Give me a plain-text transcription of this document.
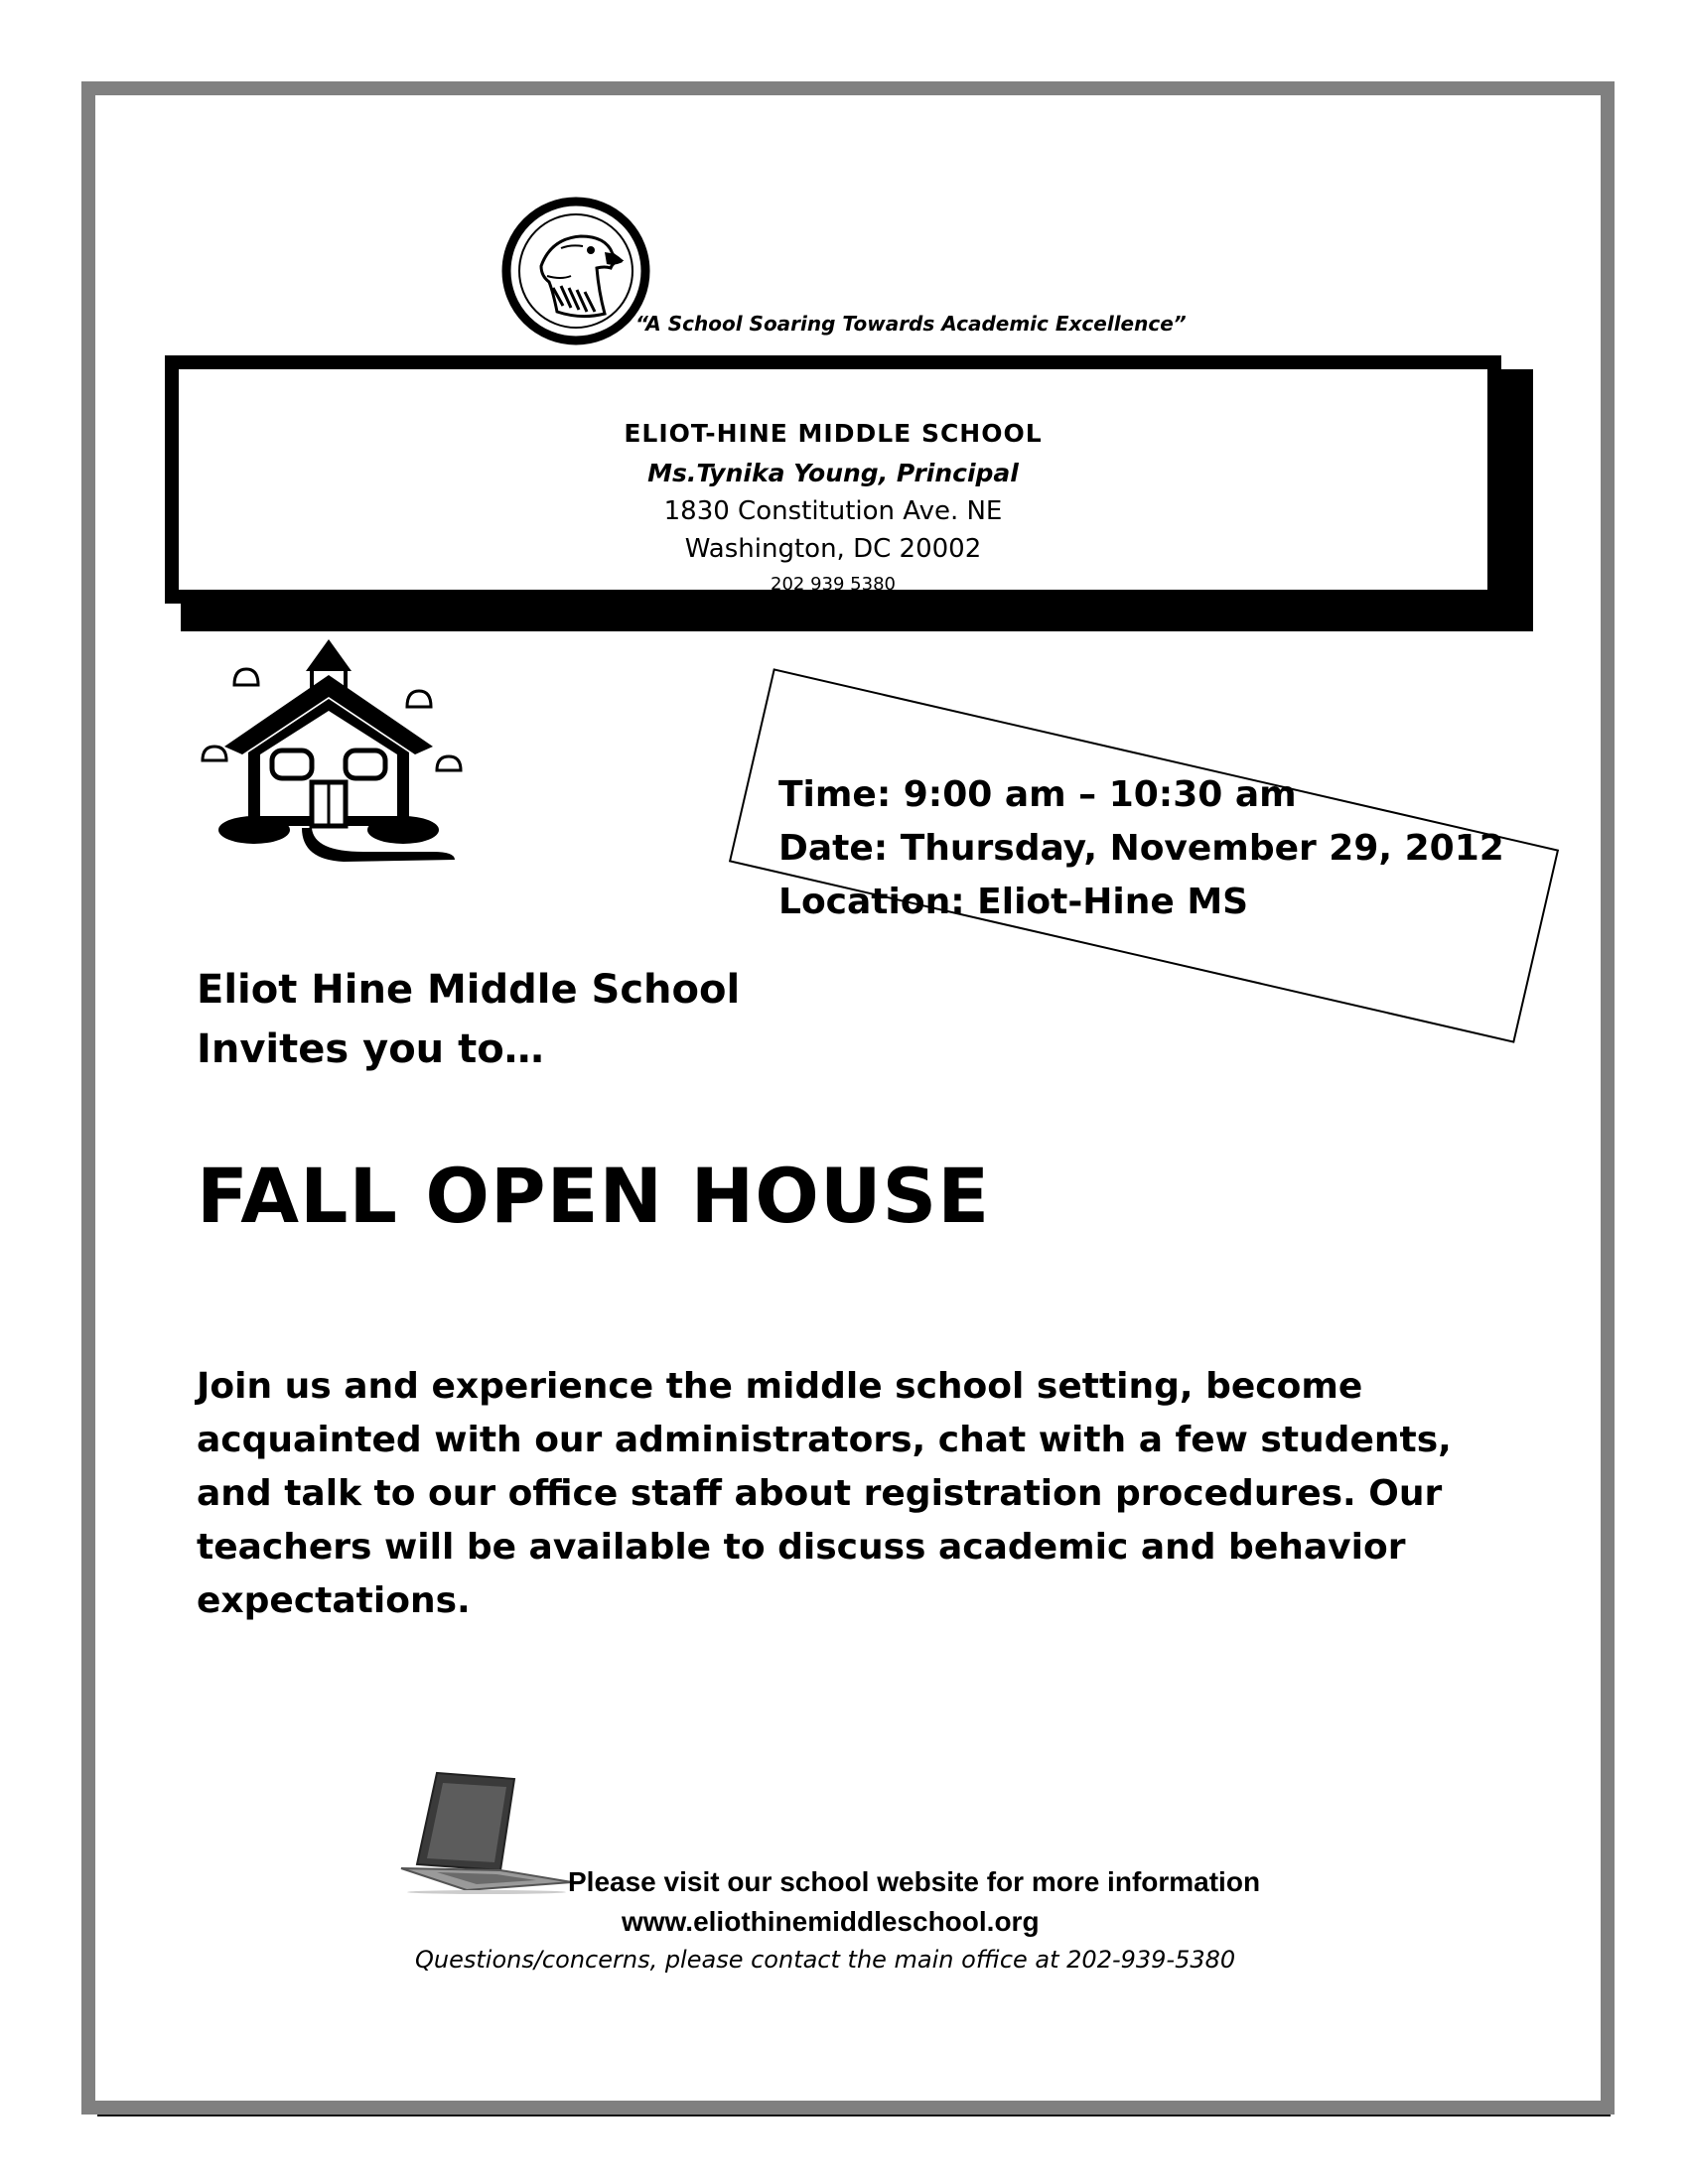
“A School Soaring Towards Academic Excellence”
ELIOT-HINE MIDDLE SCHOOL
Ms.Tynika Young, Principal
1830 Constitution Ave. NE
Washington, DC 20002
202 939 5380
Time: 9:00 am – 10:30 am
Date: Thursday, November 29, 2012
Location: Eliot-Hine MS
Eliot Hine Middle School
Invites you to…
FALL OPEN HOUSE
Join us and experience the middle school setting, become acquainted with our administrators, chat with a few students, and talk to our office staff about registration procedures. Our teachers will be available to discuss academic and behavior expectations.
Please visit our school website for more information
www.eliothinemiddleschool.org
Questions/concerns, please contact the main office at 202-939-5380
